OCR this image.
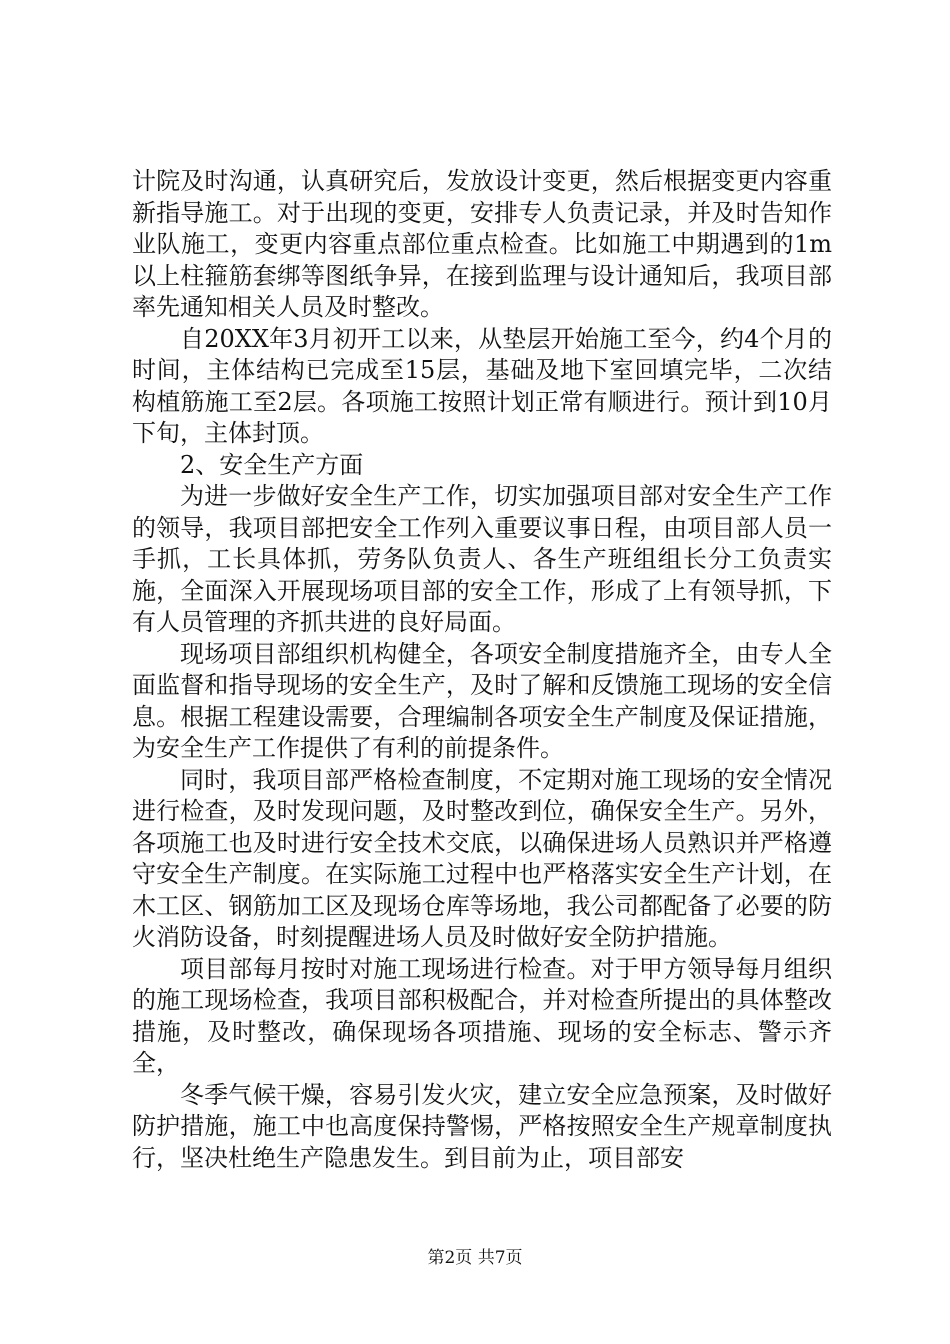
计院及时沟通，认真研究后，发放设计变更，然后根据变更内容重新指导施工。对于出现的变更，安排专人负责记录，并及时告知作业队施工，变更内容重点部位重点检查。比如施工中期遇到的1m以上柱箍筋套绑等图纸争异，在接到监理与设计通知后，我项目部率先通知相关人员及时整改。

自20XX年3月初开工以来，从垫层开始施工至今，约4个月的时间，主体结构已完成至15层，基础及地下室回填完毕，二次结构植筋施工至2层。各项施工按照计划正常有顺进行。预计到10月下旬，主体封顶。

2、安全生产方面

为进一步做好安全生产工作，切实加强项目部对安全生产工作的领导，我项目部把安全工作列入重要议事日程，由项目部人员一手抓，工长具体抓，劳务队负责人、各生产班组组长分工负责实施，全面深入开展现场项目部的安全工作，形成了上有领导抓，下有人员管理的齐抓共进的良好局面。

现场项目部组织机构健全，各项安全制度措施齐全，由专人全面监督和指导现场的安全生产，及时了解和反馈施工现场的安全信息。根据工程建设需要，合理编制各项安全生产制度及保证措施，为安全生产工作提供了有利的前提条件。

同时，我项目部严格检查制度，不定期对施工现场的安全情况进行检查，及时发现问题，及时整改到位，确保安全生产。另外，各项施工也及时进行安全技术交底，以确保进场人员熟识并严格遵守安全生产制度。在实际施工过程中也严格落实安全生产计划，在木工区、钢筋加工区及现场仓库等场地，我公司都配备了必要的防火消防设备，时刻提醒进场人员及时做好安全防护措施。

项目部每月按时对施工现场进行检查。对于甲方领导每月组织的施工现场检查，我项目部积极配合，并对检查所提出的具体整改措施，及时整改，确保现场各项措施、现场的安全标志、警示齐全，

冬季气候干燥，容易引发火灾，建立安全应急预案，及时做好防护措施，施工中也高度保持警惕，严格按照安全生产规章制度执行，坚决杜绝生产隐患发生。到目前为止，项目部安

第2页 共7页
